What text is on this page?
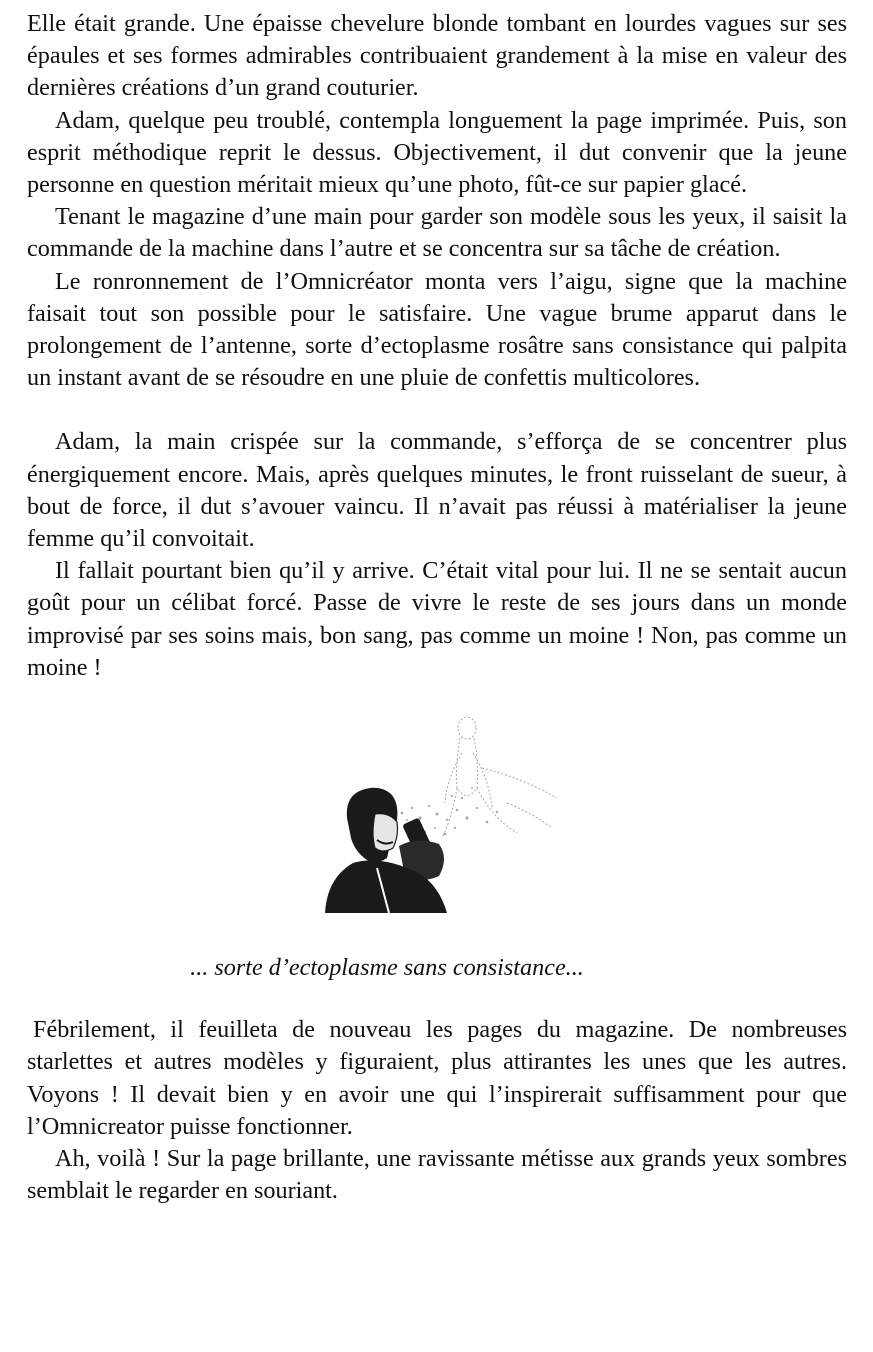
Elle était grande. Une épaisse chevelure blonde tombant en lourdes vagues sur ses épaules et ses formes admirables contribuaient grandement à la mise en valeur des dernières créations d’un grand couturier.

Adam, quelque peu troublé, contempla longuement la page imprimée. Puis, son esprit méthodique reprit le dessus. Objectivement, il dut convenir que la jeune personne en question méritait mieux qu’une photo, fût-ce sur papier glacé.

Tenant le magazine d’une main pour garder son modèle sous les yeux, il saisit la commande de la machine dans l’autre et se concentra sur sa tâche de création.

Le ronronnement de l’Omnicréator monta vers l’aigu, signe que la machine faisait tout son possible pour le satisfaire. Une vague brume apparut dans le prolongement de l’antenne, sorte d’ectoplasme rosâtre sans consistance qui palpita un instant avant de se résoudre en une pluie de confettis multicolores.

Adam, la main crispée sur la commande, s’efforça de se concentrer plus énergiquement encore. Mais, après quelques minutes, le front ruisselant de sueur, à bout de force, il dut s’avouer vaincu. Il n’avait pas réussi à matérialiser la jeune femme qu’il convoitait.

Il fallait pourtant bien qu’il y arrive. C’était vital pour lui. Il ne se sentait aucun goût pour un célibat forcé. Passe de vivre le reste de ses jours dans un monde improvisé par ses soins mais, bon sang, pas comme un moine ! Non, pas comme un moine !

... sorte d’ectoplasme sans consistance...

Fébrilement, il feuilleta de nouveau les pages du magazine. De nombreuses starlettes et autres modèles y figuraient, plus attirantes les unes que les autres. Voyons ! Il devait bien y en avoir une qui l’inspirerait suffisamment pour que l’Omnicreator puisse fonctionner.

Ah, voilà ! Sur la page brillante, une ravissante métisse aux grands yeux sombres semblait le regarder en souriant.
